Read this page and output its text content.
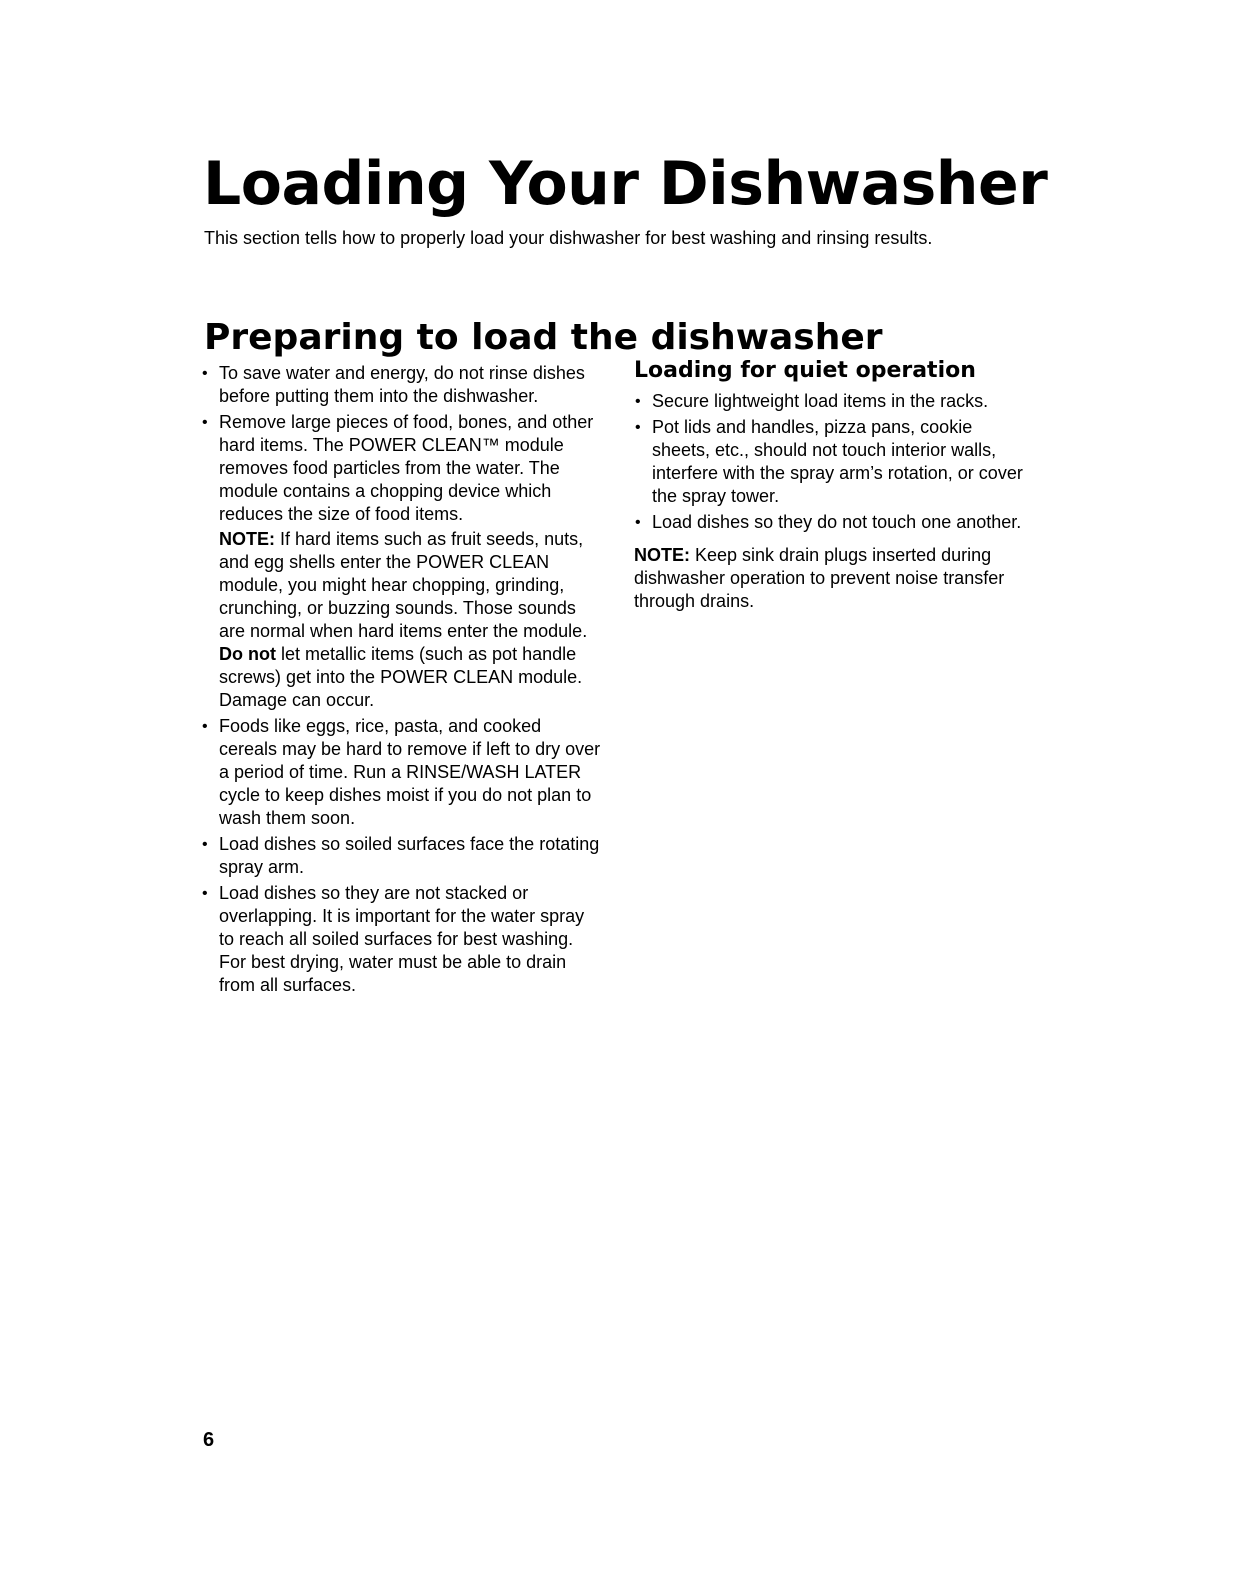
Loading Your Dishwasher

This section tells how to properly load your dishwasher for best washing and rinsing results.

Preparing to load the dishwasher
• To save water and energy, do not rinse dishes before putting them into the dishwasher.
• Remove large pieces of food, bones, and other hard items. The POWER CLEAN™ module removes food particles from the water. The module contains a chopping device which reduces the size of food items.

NOTE: If hard items such as fruit seeds, nuts, and egg shells enter the POWER CLEAN module, you might hear chopping, grinding, crunching, or buzzing sounds. Those sounds are normal when hard items enter the module. Do not let metallic items (such as pot handle screws) get into the POWER CLEAN module. Damage can occur.

• Foods like eggs, rice, pasta, and cooked cereals may be hard to remove if left to dry over a period of time. Run a RINSE/WASH LATER cycle to keep dishes moist if you do not plan to wash them soon.
• Load dishes so soiled surfaces face the rotating spray arm.
• Load dishes so they are not stacked or overlapping. It is important for the water spray to reach all soiled surfaces for best washing. For best drying, water must be able to drain from all surfaces.
Loading for quiet operation
• Secure lightweight load items in the racks.
• Pot lids and handles, pizza pans, cookie sheets, etc., should not touch interior walls, interfere with the spray arm’s rotation, or cover the spray tower.
• Load dishes so they do not touch one another.

NOTE: Keep sink drain plugs inserted during dishwasher operation to prevent noise transfer through drains.

6
